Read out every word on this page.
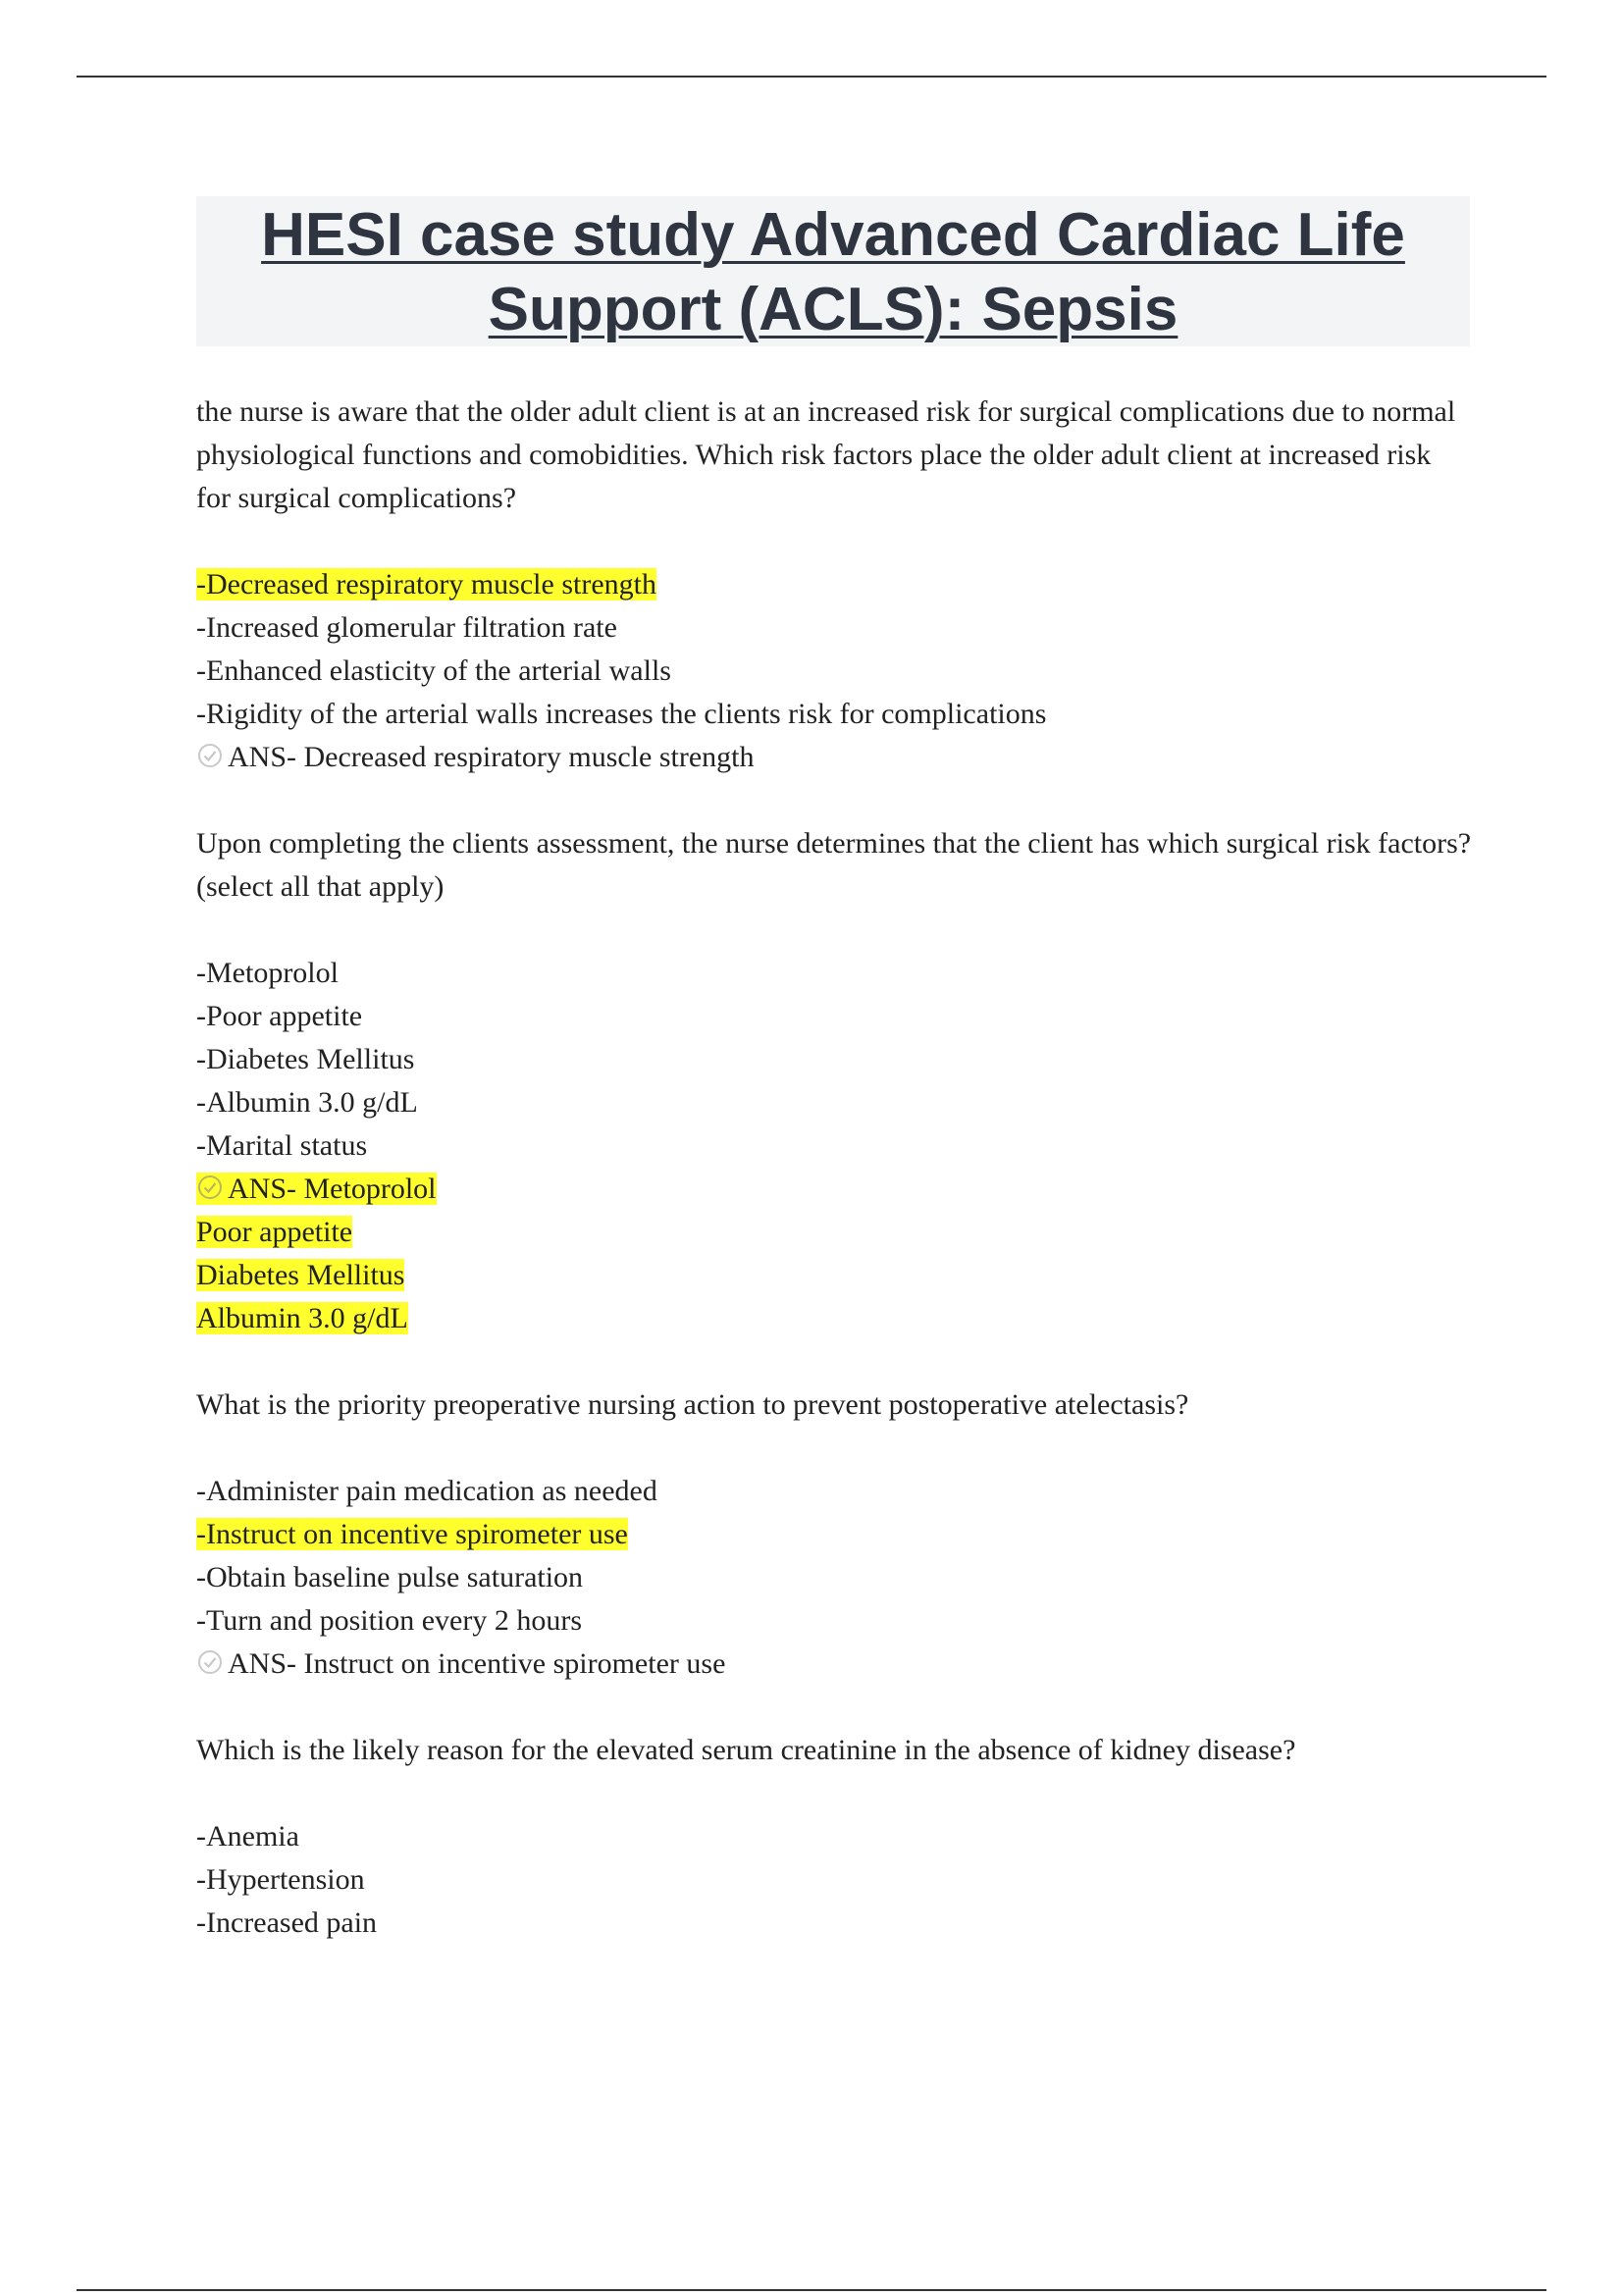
HESI case study Advanced Cardiac Life Support (ACLS): Sepsis

the nurse is aware that the older adult client is at an increased risk for surgical complications due to normal physiological functions and comobidities. Which risk factors place the older adult client at increased risk for surgical complications?

-Decreased respiratory muscle strength
-Increased glomerular filtration rate
-Enhanced elasticity of the arterial walls
-Rigidity of the arterial walls increases the clients risk for complications
ANS- Decreased respiratory muscle strength

Upon completing the clients assessment, the nurse determines that the client has which surgical risk factors? (select all that apply)

-Metoprolol
-Poor appetite
-Diabetes Mellitus
-Albumin 3.0 g/dL
-Marital status
ANS- Metoprolol
Poor appetite
Diabetes Mellitus
Albumin 3.0 g/dL

What is the priority preoperative nursing action to prevent postoperative atelectasis?

-Administer pain medication as needed
-Instruct on incentive spirometer use
-Obtain baseline pulse saturation
-Turn and position every 2 hours
ANS- Instruct on incentive spirometer use

Which is the likely reason for the elevated serum creatinine in the absence of kidney disease?

-Anemia
-Hypertension
-Increased pain
